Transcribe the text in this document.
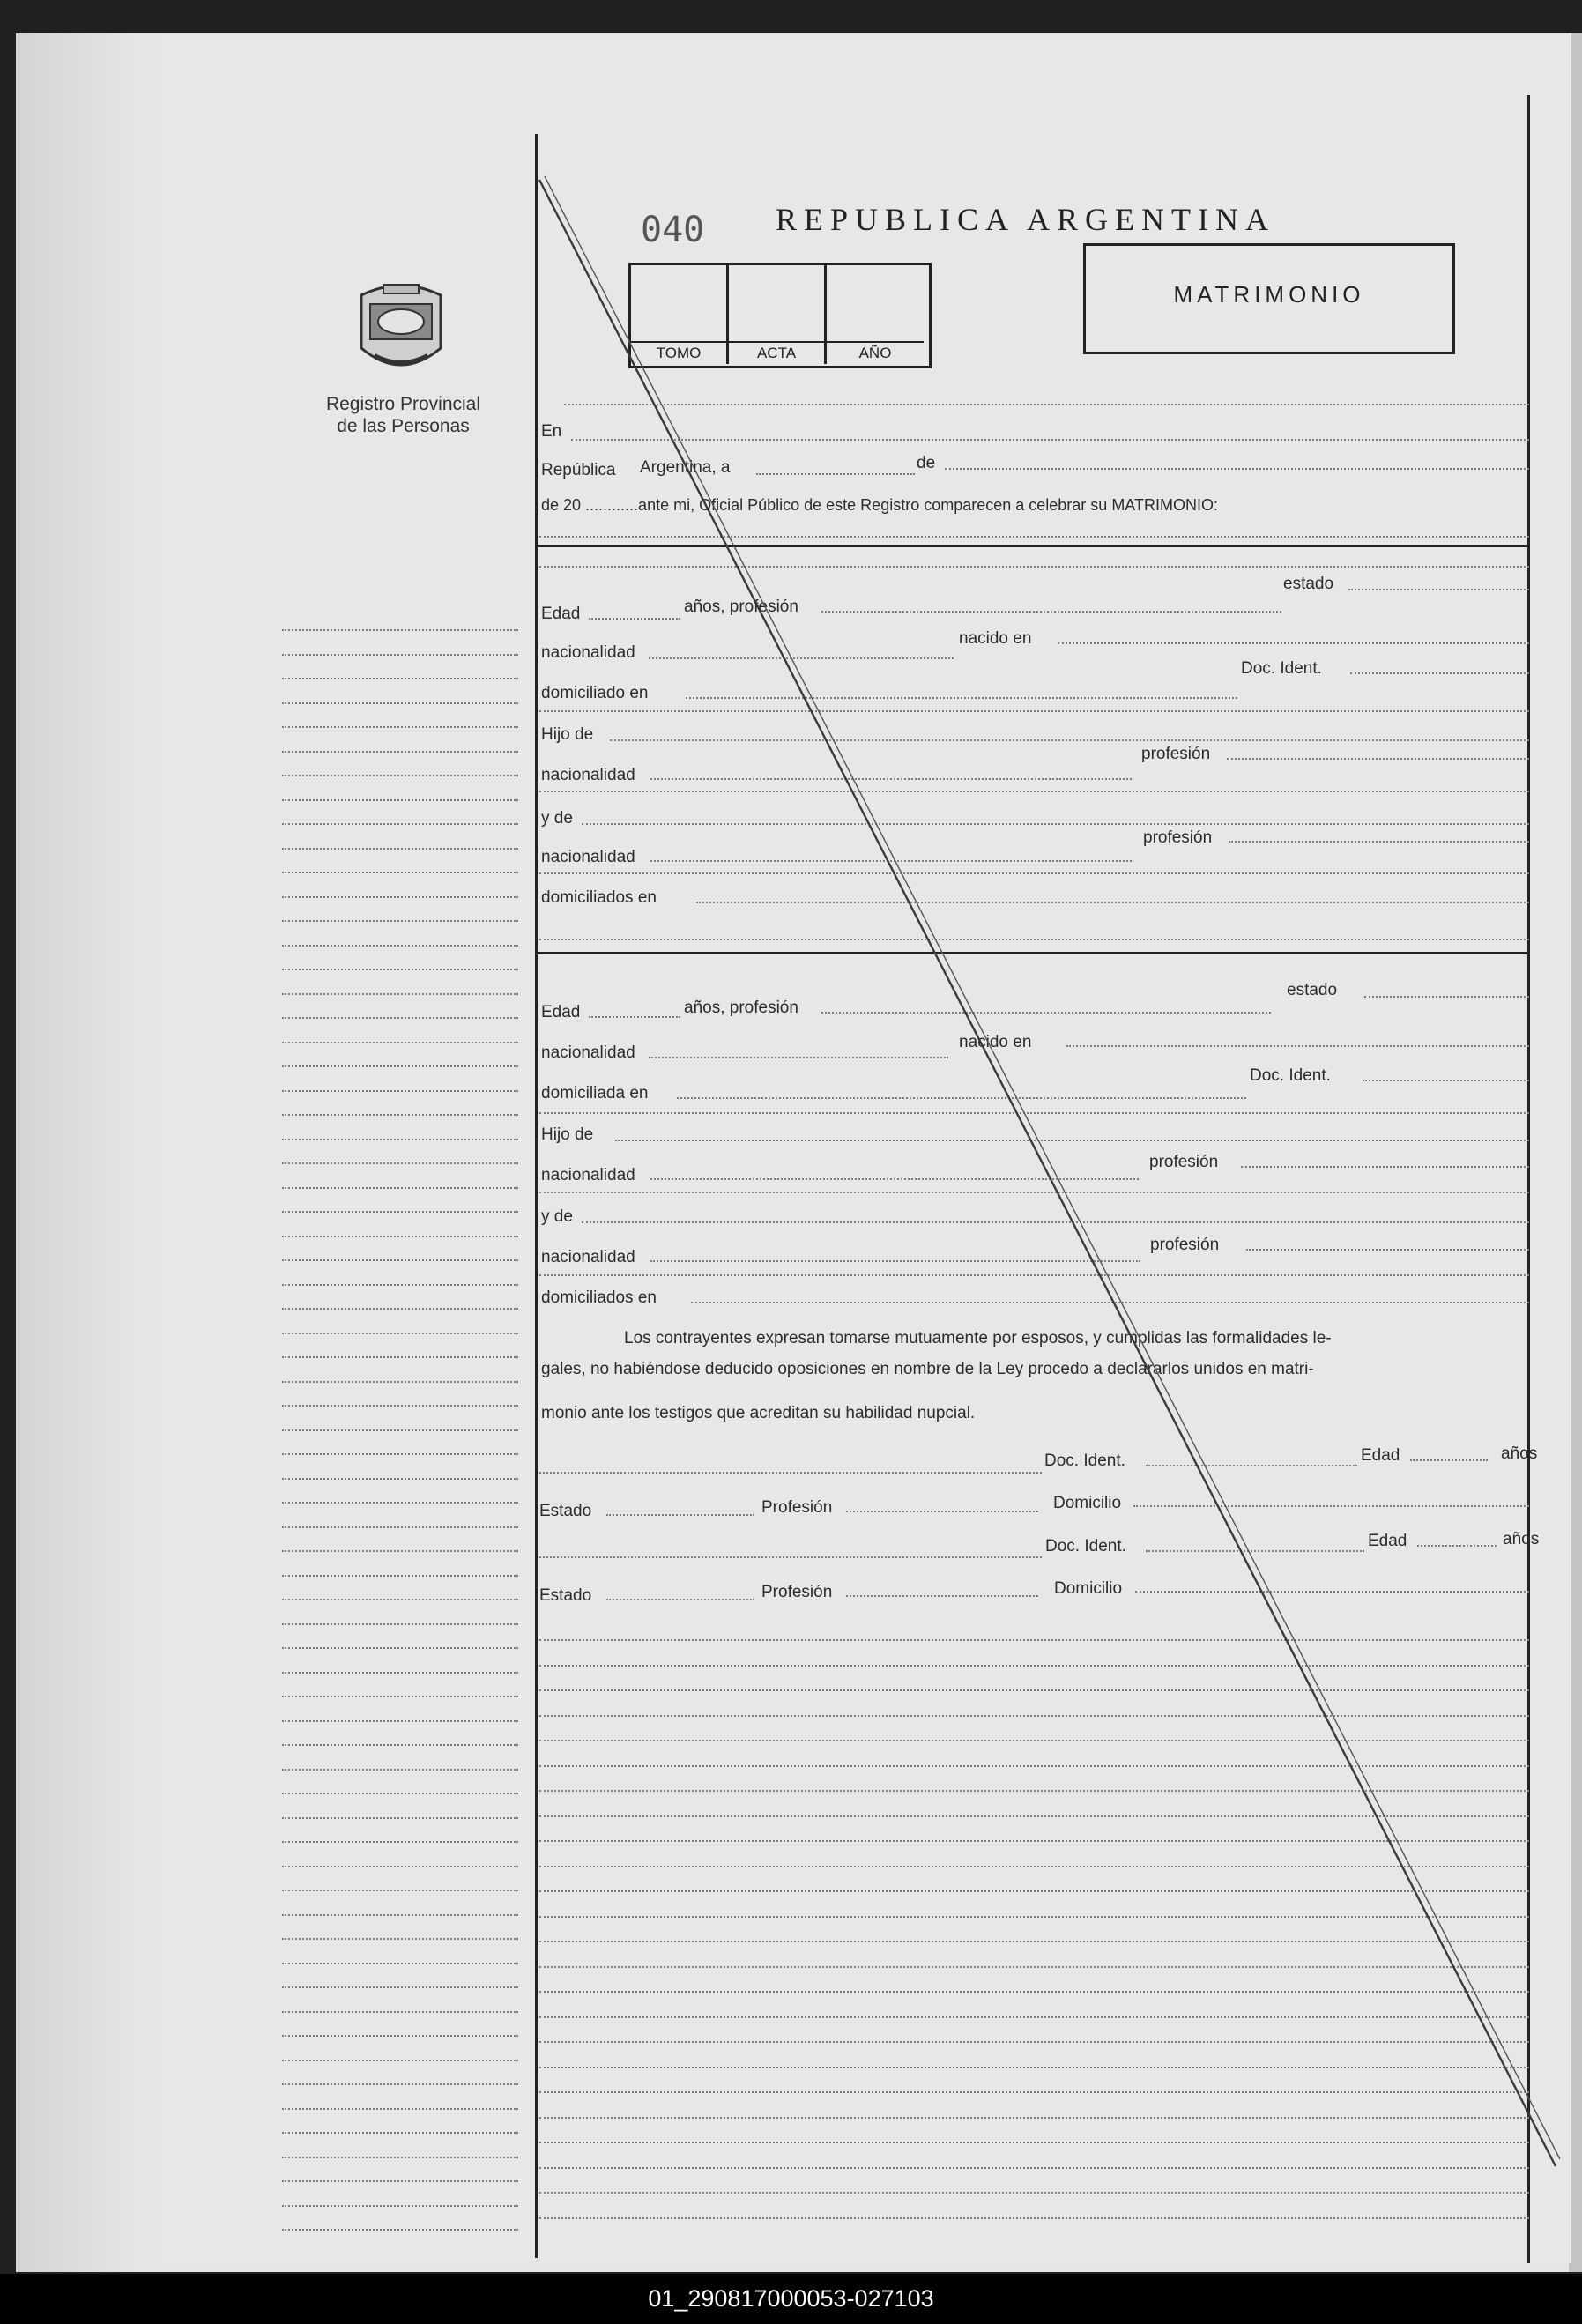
Registro Provincial
de las Personas
040 REPUBLICA ARGENTINA
TOMO	ACTA	AÑO
MATRIMONIO
En
República Argentina, a	de
de 20 ............ante mi, Oficial Público de este Registro comparecen a celebrar su MATRIMONIO:
Edad	años, profesión
estado
nacionalidad
nacido en
domiciliado en
Doc. Ident.
Hijo de
nacionalidad
profesión
y de
nacionalidad
profesión
domiciliados en
Edad	años, profesión
estado
nacionalidad
nacido en
domiciliada en
Doc. Ident.
Hijo de
nacionalidad
profesión
y de
nacionalidad
profesión
domiciliados en
Los contrayentes expresan tomarse mutuamente por esposos, y cumplidas las formalidades le-
gales, no habiéndose deducido oposiciones en nombre de la Ley procedo a declararlos unidos en matri-
monio ante los testigos que acreditan su habilidad nupcial.
Doc. Ident.	Edad	años
Estado	Profesión	Domicilio
Doc. Ident.	Edad	años
Estado	Profesión	Domicilio
01_290817000053-027103
